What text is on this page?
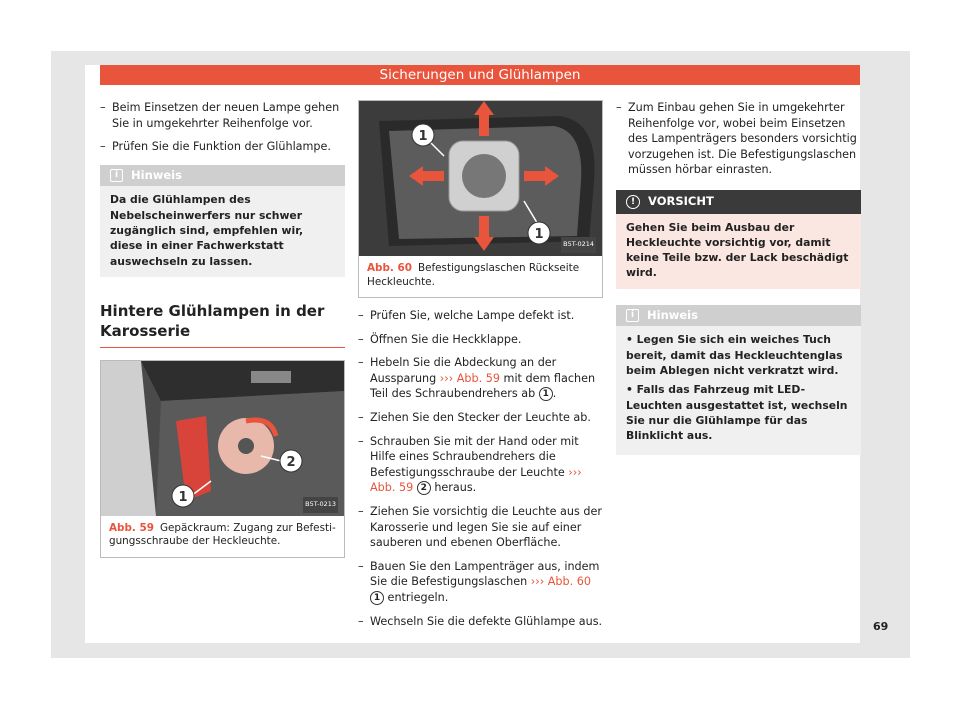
Sicherungen und Glühlampen
– Beim Einsetzen der neuen Lampe gehen Sie in umgekehrter Reihenfolge vor.
– Prüfen Sie die Funktion der Glühlampe.
i	Hinweis
Da die Glühlampen des Nebelscheinwerfers nur schwer zugänglich sind, empfehlen wir, diese in einer Fachwerkstatt auswechseln zu lassen.
Hintere Glühlampen in der Karosserie
1
2
B5T-0213
Abb. 59 Gepäckraum: Zugang zur Befestigungsschraube der Heckleuchte.
1
1
B5T-0214
Abb. 60 Befestigungslaschen Rückseite Heckleuchte.
– Prüfen Sie, welche Lampe defekt ist.
– Öffnen Sie die Heckklappe.
– Hebeln Sie die Abdeckung an der Aussparung ››› Abb. 59 mit dem flachen Teil des Schraubendrehers ab 1 .
– Ziehen Sie den Stecker der Leuchte ab.
– Schrauben Sie mit der Hand oder mit Hilfe eines Schraubendrehers die Befestigungsschraube der Leuchte ››› Abb. 59 2 heraus.
– Ziehen Sie vorsichtig die Leuchte aus der Karosserie und legen Sie sie auf einer sauberen und ebenen Oberfläche.
– Bauen Sie den Lampenträger aus, indem Sie die Befestigungslaschen ››› Abb. 60 1 entriegeln.
– Wechseln Sie die defekte Glühlampe aus.
– Zum Einbau gehen Sie in umgekehrter Reihenfolge vor, wobei beim Einsetzen des Lampenträgers besonders vorsichtig vorzugehen ist. Die Befestigungslaschen müssen hörbar einrasten.
!	VORSICHT
Gehen Sie beim Ausbau der Heckleuchte vorsichtig vor, damit keine Teile bzw. der Lack beschädigt wird.
i	Hinweis
• Legen Sie sich ein weiches Tuch bereit, damit das Heckleuchtenglas beim Ablegen nicht verkratzt wird.
• Falls das Fahrzeug mit LED-Leuchten ausgestattet ist, wechseln Sie nur die Glühlampe für das Blinklicht aus.
69
